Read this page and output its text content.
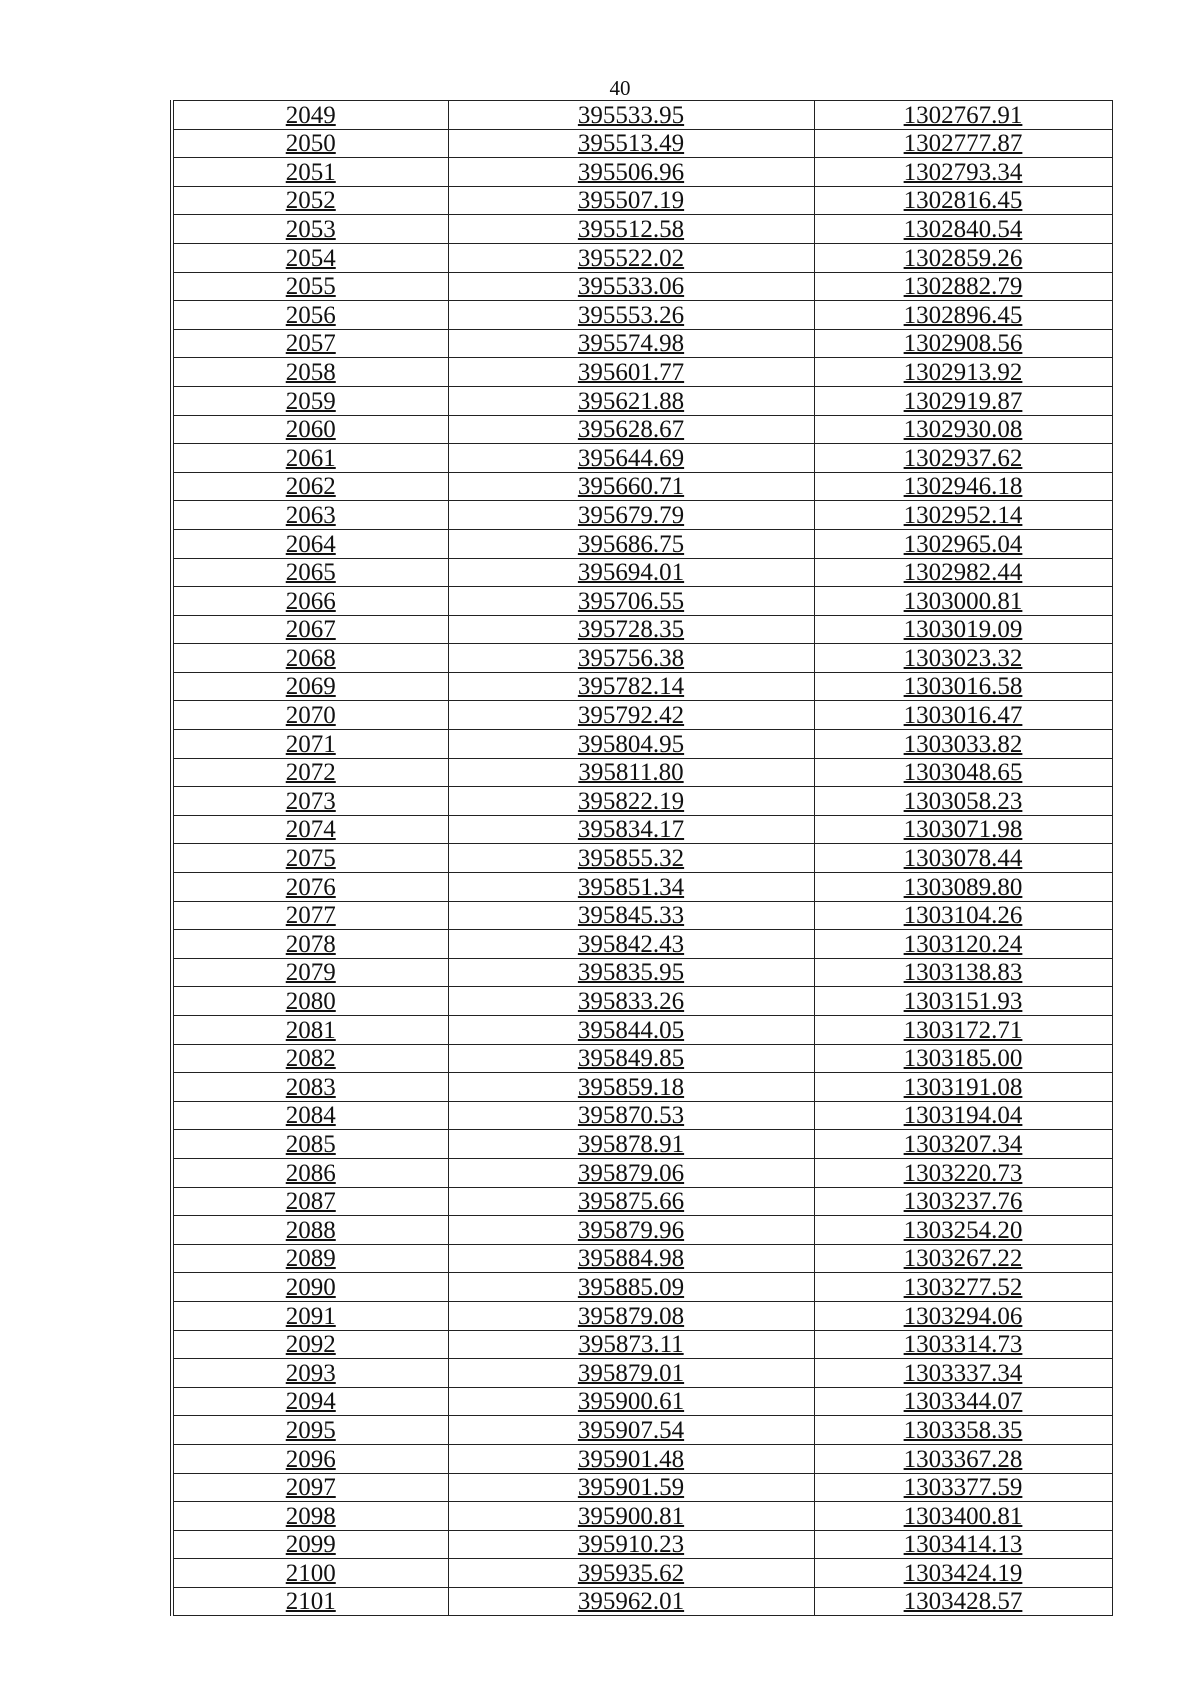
40
2049	395533.95	1302767.91
2050	395513.49	1302777.87
2051	395506.96	1302793.34
2052	395507.19	1302816.45
2053	395512.58	1302840.54
2054	395522.02	1302859.26
2055	395533.06	1302882.79
2056	395553.26	1302896.45
2057	395574.98	1302908.56
2058	395601.77	1302913.92
2059	395621.88	1302919.87
2060	395628.67	1302930.08
2061	395644.69	1302937.62
2062	395660.71	1302946.18
2063	395679.79	1302952.14
2064	395686.75	1302965.04
2065	395694.01	1302982.44
2066	395706.55	1303000.81
2067	395728.35	1303019.09
2068	395756.38	1303023.32
2069	395782.14	1303016.58
2070	395792.42	1303016.47
2071	395804.95	1303033.82
2072	395811.80	1303048.65
2073	395822.19	1303058.23
2074	395834.17	1303071.98
2075	395855.32	1303078.44
2076	395851.34	1303089.80
2077	395845.33	1303104.26
2078	395842.43	1303120.24
2079	395835.95	1303138.83
2080	395833.26	1303151.93
2081	395844.05	1303172.71
2082	395849.85	1303185.00
2083	395859.18	1303191.08
2084	395870.53	1303194.04
2085	395878.91	1303207.34
2086	395879.06	1303220.73
2087	395875.66	1303237.76
2088	395879.96	1303254.20
2089	395884.98	1303267.22
2090	395885.09	1303277.52
2091	395879.08	1303294.06
2092	395873.11	1303314.73
2093	395879.01	1303337.34
2094	395900.61	1303344.07
2095	395907.54	1303358.35
2096	395901.48	1303367.28
2097	395901.59	1303377.59
2098	395900.81	1303400.81
2099	395910.23	1303414.13
2100	395935.62	1303424.19
2101	395962.01	1303428.57
